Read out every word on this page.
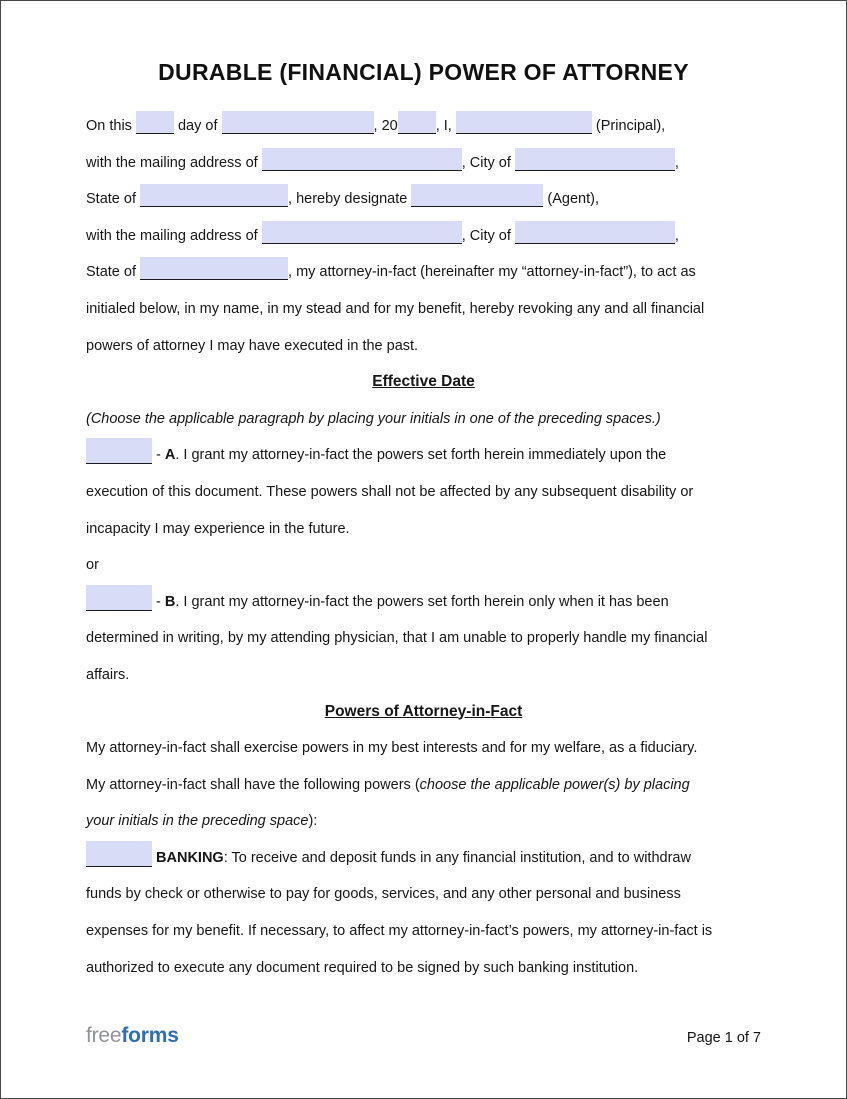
DURABLE (FINANCIAL) POWER OF ATTORNEY

On this	day of	, 20	, I,	(Principal),

with the mailing address of	, City of	,

State of	, hereby designate	(Agent),

with the mailing address of	, City of	,

State of	, my attorney-in-fact (hereinafter my “attorney-in-fact”), to act as

initialed below, in my name, in my stead and for my benefit, hereby revoking any and all financial

powers of attorney I may have executed in the past.

Effective Date

(Choose the applicable paragraph by placing your initials in one of the preceding spaces.)

- A. I grant my attorney-in-fact the powers set forth herein immediately upon the

execution of this document. These powers shall not be affected by any subsequent disability or

incapacity I may experience in the future.

or

- B. I grant my attorney-in-fact the powers set forth herein only when it has been

determined in writing, by my attending physician, that I am unable to properly handle my financial

affairs.

Powers of Attorney-in-Fact

My attorney-in-fact shall exercise powers in my best interests and for my welfare, as a fiduciary.

My attorney-in-fact shall have the following powers (choose the applicable power(s) by placing

your initials in the preceding space):

BANKING: To receive and deposit funds in any financial institution, and to withdraw

funds by check or otherwise to pay for goods, services, and any other personal and business

expenses for my benefit. If necessary, to affect my attorney-in-fact’s powers, my attorney-in-fact is

authorized to execute any document required to be signed by such banking institution.

freeforms	Page 1 of 7
